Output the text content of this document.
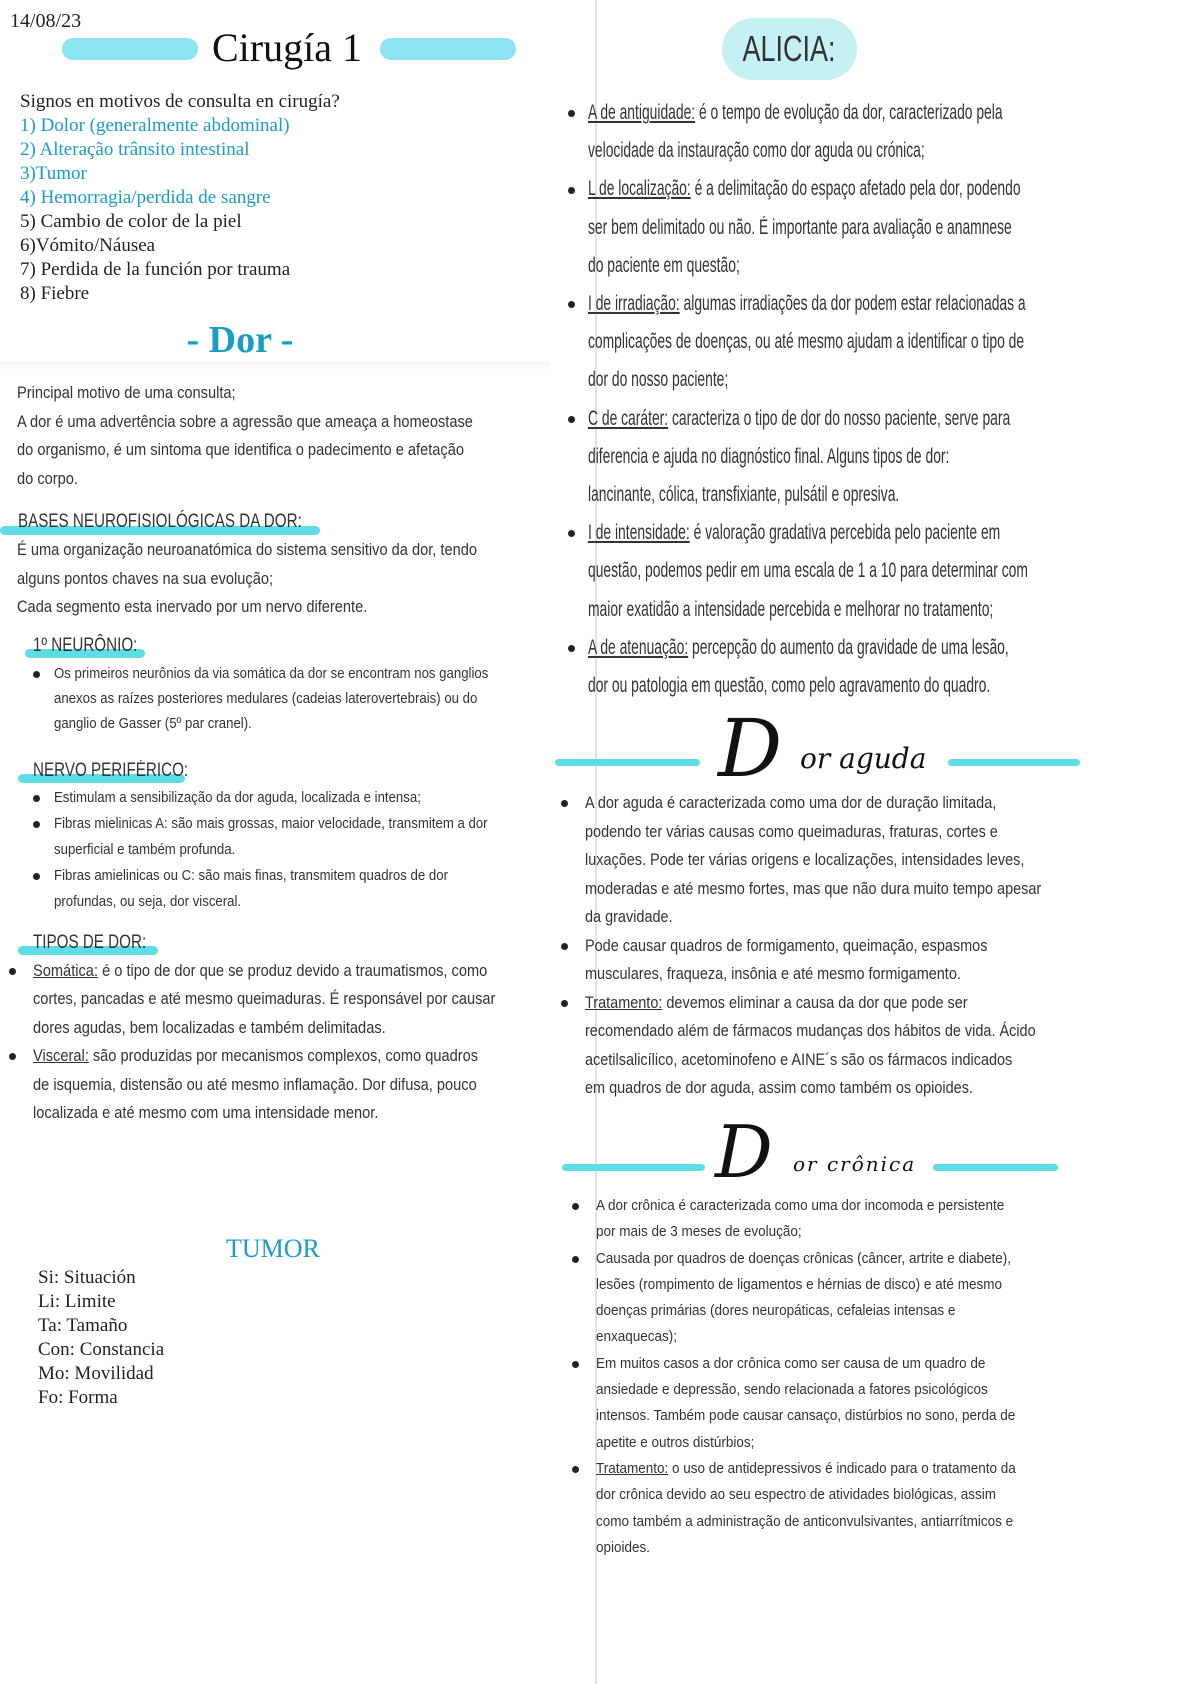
14/08/23
Cirugía 1
Signos en motivos de consulta en cirugía?
1) Dolor (generalmente abdominal)
2) Alteração trânsito intestinal
3)Tumor
4) Hemorragia/perdida de sangre
5) Cambio de color de la piel
6)Vómito/Náusea
7) Perdida de la función por trauma
8) Fiebre
- Dor -
Principal motivo de uma consulta;
A dor é uma advertência sobre a agressão que ameaça a homeostase
do organismo, é um sintoma que identifica o padecimento e afetação
do corpo.
BASES NEUROFISIOLÓGICAS DA DOR:
É uma organização neuroanatómica do sistema sensitivo da dor, tendo
alguns pontos chaves na sua evolução;
Cada segmento esta inervado por um nervo diferente.
1º NEURÔNIO:
Os primeiros neurônios da via somática da dor se encontram nos ganglios
anexos as raízes posteriores medulares (cadeias laterovertebrais) ou do
ganglio de Gasser (5º par cranel).
NERVO PERIFÉRICO:
Estimulam a sensibilização da dor aguda, localizada e intensa;
Fibras mielinicas A: são mais grossas, maior velocidade, transmitem a dor
superficial e também profunda.
Fibras amielinicas ou C: são mais finas, transmitem quadros de dor
profundas, ou seja, dor visceral.
TIPOS DE DOR:
Somática: é o tipo de dor que se produz devido a traumatismos, como
cortes, pancadas e até mesmo queimaduras. É responsável por causar
dores agudas, bem localizadas e também delimitadas.
Visceral: são produzidas por mecanismos complexos, como quadros
de isquemia, distensão ou até mesmo inflamação. Dor difusa, pouco
localizada e até mesmo com uma intensidade menor.
TUMOR
Si: Situación
Li: Limite
Ta: Tamaño
Con: Constancia
Mo: Movilidad
Fo: Forma
ALICIA:
A de antiguidade: é o tempo de evolução da dor, caracterizado pela
velocidade da instauração como dor aguda ou crónica;
L de localização: é a delimitação do espaço afetado pela dor, podendo
ser bem delimitado ou não. É importante para avaliação e anamnese
do paciente em questão;
I de irradiação: algumas irradiações da dor podem estar relacionadas a
complicações de doenças, ou até mesmo ajudam a identificar o tipo de
dor do nosso paciente;
C de caráter: caracteriza o tipo de dor do nosso paciente, serve para
diferencia e ajuda no diagnóstico final. Alguns tipos de dor:
lancinante, cólica, transfixiante, pulsátil e opresiva.
I de intensidade: é valoração gradativa percebida pelo paciente em
questão, podemos pedir em uma escala de 1 a 10 para determinar com
maior exatidão a intensidade percebida e melhorar no tratamento;
A de atenuação: percepção do aumento da gravidade de uma lesão,
dor ou patologia em questão, como pelo agravamento do quadro.
D or aguda
A dor aguda é caracterizada como uma dor de duração limitada,
podendo ter várias causas como queimaduras, fraturas, cortes e
luxações. Pode ter várias origens e localizações, intensidades leves,
moderadas e até mesmo fortes, mas que não dura muito tempo apesar
da gravidade.
Pode causar quadros de formigamento, queimação, espasmos
musculares, fraqueza, insônia e até mesmo formigamento.
Tratamento: devemos eliminar a causa da dor que pode ser
recomendado além de fármacos mudanças dos hábitos de vida. Ácido
acetilsalicílico, acetominofeno e AINE´s são os fármacos indicados
em quadros de dor aguda, assim como também os opioides.
D or crônica
A dor crônica é caracterizada como uma dor incomoda e persistente
por mais de 3 meses de evolução;
Causada por quadros de doenças crônicas (câncer, artrite e diabete),
lesões (rompimento de ligamentos e hérnias de disco) e até mesmo
doenças primárias (dores neuropáticas, cefaleias intensas e
enxaquecas);
Em muitos casos a dor crônica como ser causa de um quadro de
ansiedade e depressão, sendo relacionada a fatores psicológicos
intensos. Também pode causar cansaço, distúrbios no sono, perda de
apetite e outros distúrbios;
Tratamento: o uso de antidepressivos é indicado para o tratamento da
dor crônica devido ao seu espectro de atividades biológicas, assim
como também a administração de anticonvulsivantes, antiarrítmicos e
opioides.
